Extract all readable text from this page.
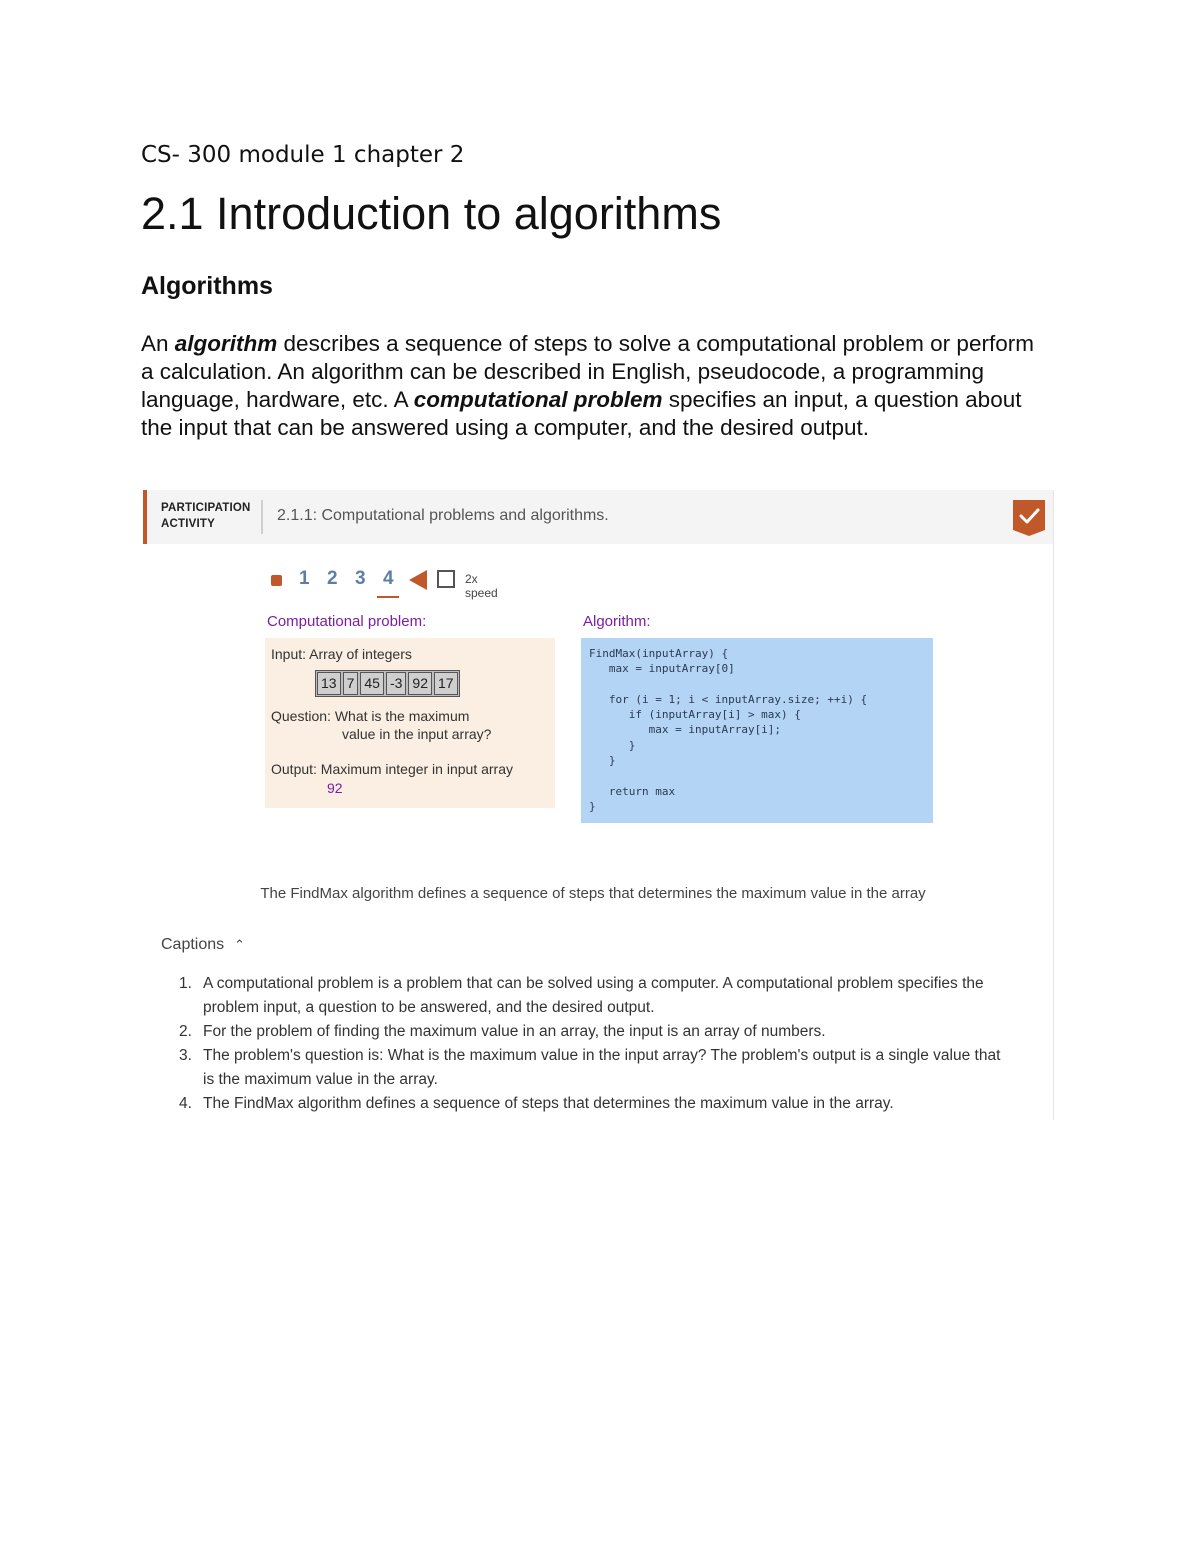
CS- 300 module 1 chapter 2
2.1 Introduction to algorithms
Algorithms

An algorithm describes a sequence of steps to solve a computational problem or perform a calculation. An algorithm can be described in English, pseudocode, a programming language, hardware, etc. A computational problem specifies an input, a question about the input that can be answered using a computer, and the desired output.

PARTICIPATION
ACTIVITY	2.1.1: Computational problems and algorithms.
1 2 3 4	2x speed
Computational problem:	Algorithm:
Input: Array of integers
13 7 45 -3 92 17
Question: What is the maximum
value in the input array?
Output: Maximum integer in input array
92
FindMax(inputArray) {
max = inputArray[0]

for (i = 1; i < inputArray.size; ++i) {
if (inputArray[i] > max) {
max = inputArray[i];
}
}

return max
}
The FindMax algorithm defines a sequence of steps that determines the maximum value in the array
Captions ⌃
1. A computational problem is a problem that can be solved using a computer. A computational problem specifies the problem input, a question to be answered, and the desired output.
2. For the problem of finding the maximum value in an array, the input is an array of numbers.
3. The problem's question is: What is the maximum value in the input array? The problem's output is a single value that is the maximum value in the array.
4. The FindMax algorithm defines a sequence of steps that determines the maximum value in the array.
